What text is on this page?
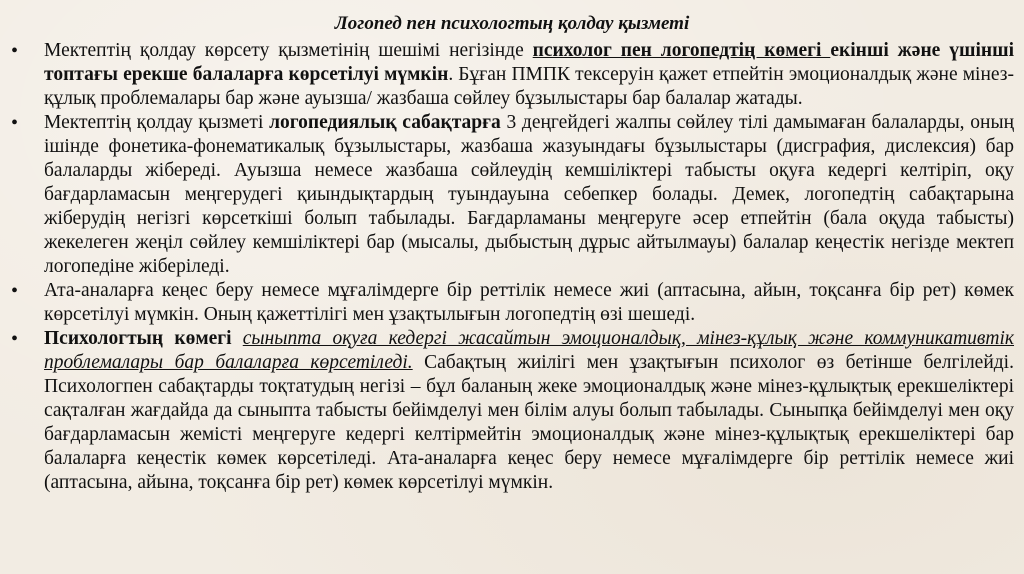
Логопед пен психологтың қолдау қызметі
• Мектептің қолдау көрсету қызметінің шешімі негізінде психолог пен логопедтің көмегі екінші және үшінші топтағы ерекше балаларға көрсетілуі мүмкін. Бұған ПМПК тексеруін қажет етпейтін эмоционалдық және мінез- құлық проблемалары бар және ауызша/ жазбаша сөйлеу бұзылыстары бар балалар жатады.
• Мектептің қолдау қызметі логопедиялық сабақтарға 3 деңгейдегі жалпы сөйлеу тілі дамымаған балаларды, оның ішінде фонетика-фонематикалық бұзылыстары, жазбаша жазуындағы бұзылыстары (дисграфия, дислексия) бар балаларды жібереді. Ауызша немесе жазбаша сөйлеудің кемшіліктері табысты оқуға кедергі келтіріп, оқу бағдарламасын меңгерудегі қиындықтардың туындауына себепкер болады. Демек, логопедтің сабақтарына жіберудің негізгі көрсеткіші болып табылады. Бағдарламаны меңгеруге әсер етпейтін (бала оқуда табысты) жекелеген жеңіл сөйлеу кемшіліктері бар (мысалы, дыбыстың дұрыс айтылмауы) балалар кеңестік негізде мектеп логопедіне жіберіледі.
• Ата-аналарға кеңес беру немесе мұғалімдерге бір реттілік немесе жиі (аптасына, айын, тоқсанға бір рет) көмек көрсетілуі мүмкін. Оның қажеттілігі мен ұзақтылығын логопедтің өзі шешеді.
• Психологтың көмегі сыныпта оқуға кедергі жасайтын эмоционалдық, мінез-құлық және коммуникативтік проблемалары бар балаларға көрсетіледі. Сабақтың жиілігі мен ұзақтығын психолог өз бетінше белгілейді. Психологпен сабақтарды тоқтатудың негізі – бұл баланың жеке эмоционалдық және мінез-құлықтық ерекшеліктері сақталған жағдайда да сыныпта табысты бейімделуі мен білім алуы болып табылады. Сыныпқа бейімделуі мен оқу бағдарламасын жемісті меңгеруге кедергі келтірмейтін эмоционалдық және мінез-құлықтық ерекшеліктері бар балаларға кеңестік көмек көрсетіледі. Ата-аналарға кеңес беру немесе мұғалімдерге бір реттілік немесе жиі (аптасына, айына, тоқсанға бір рет) көмек көрсетілуі мүмкін.
